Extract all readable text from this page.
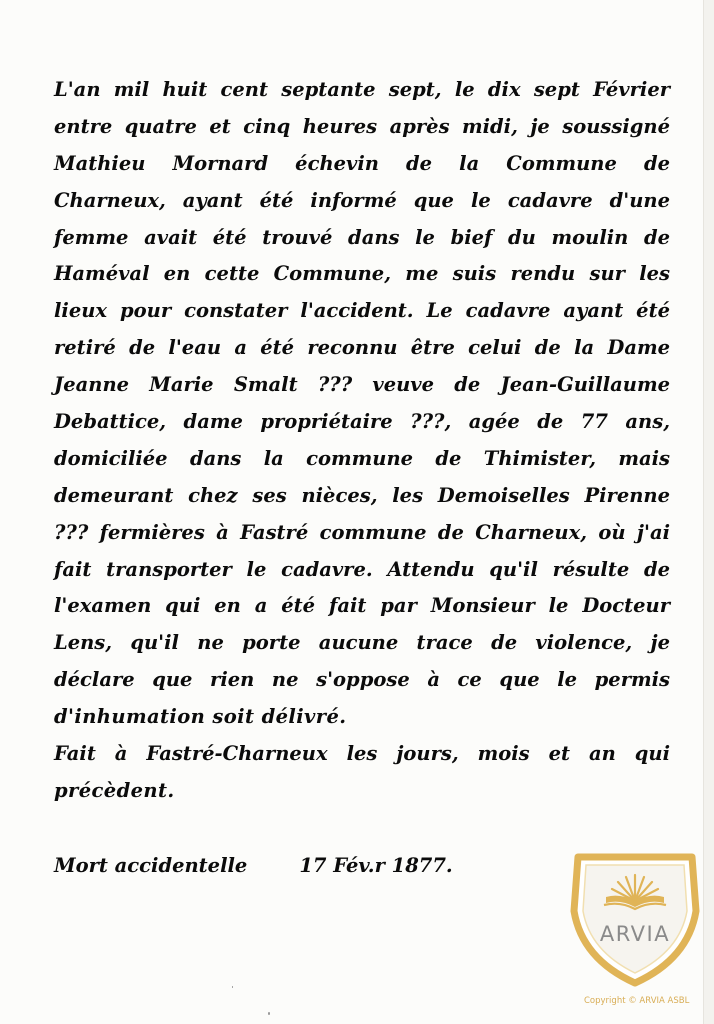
L'an mil huit cent septante sept, le dix sept Février
entre quatre et cinq heures après midi, je soussigné
Mathieu Mornard échevin de la Commune de
Charneux, ayant été informé que le cadavre d'une
femme avait été trouvé dans le bief du moulin de
Haméval en cette Commune, me suis rendu sur les
lieux pour constater l'accident. Le cadavre ayant été
retiré de l'eau a été reconnu être celui de la Dame
Jeanne Marie Smalt ??? veuve de Jean-Guillaume
Debattice, dame propriétaire ???, agée de 77 ans,
domiciliée dans la commune de Thimister, mais
demeurant chez ses nièces, les Demoiselles Pirenne
??? fermières à Fastré commune de Charneux, où j'ai
fait transporter le cadavre. Attendu qu'il résulte de
l'examen qui en a été fait par Monsieur le Docteur
Lens, qu'il ne porte aucune trace de violence, je
déclare que rien ne s'oppose à ce que le permis
d'inhumation soit délivré.
Fait à Fastré-Charneux les jours, mois et an qui
précèdent.
Mort accidentelle	17 Fév.r 1877.
ARVIA
Copyright © ARVIA ASBL
